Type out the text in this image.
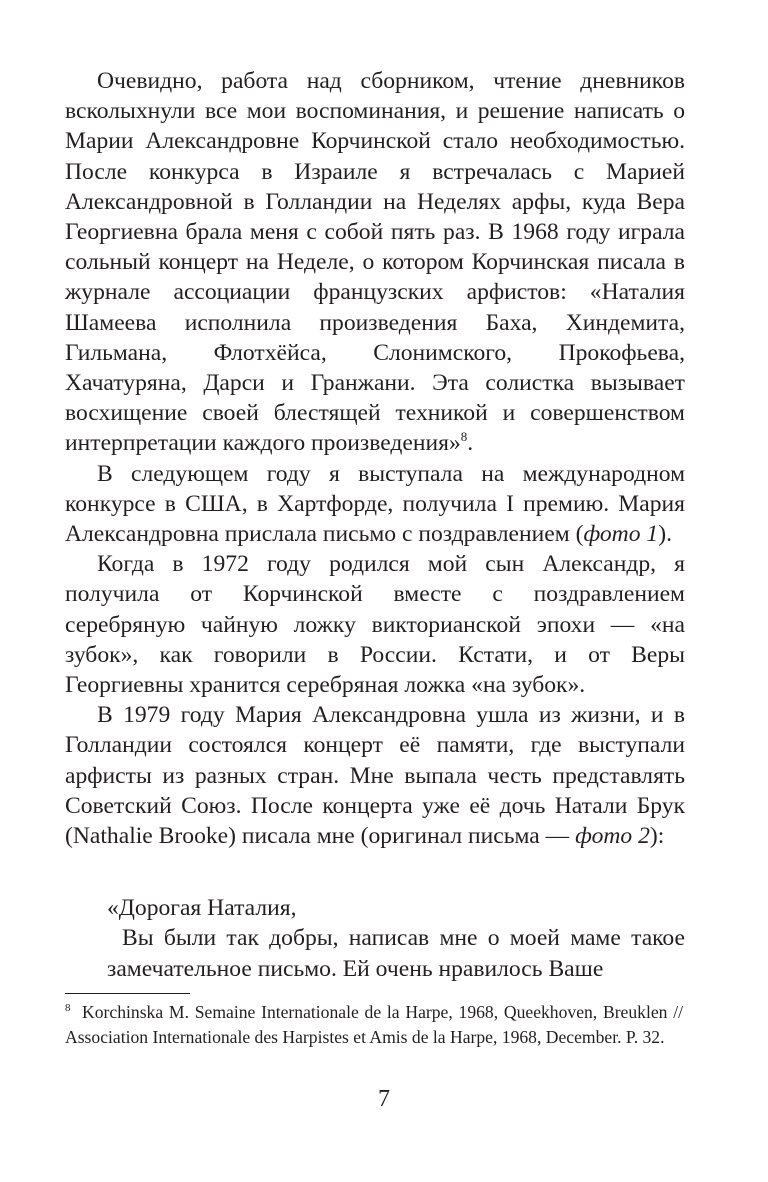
Очевидно, работа над сборником, чтение дневников всколыхнули все мои воспоминания, и решение написать о Марии Александровне Корчинской стало необходимостью. После конкурса в Израиле я встречалась с Марией Александровной в Голландии на Неделях арфы, куда Вера Георгиевна брала меня с собой пять раз. В 1968 году играла сольный концерт на Неделе, о котором Корчинская писала в журнале ассоциации французских арфистов: «Наталия Шамеева исполнила произведения Баха, Хиндемита, Гильмана, Флотхёйса, Слонимского, Прокофьева, Хачатуряна, Дарси и Гранжани. Эта солистка вызывает восхищение своей блестящей техникой и совершенством интерпретации каждого произведения»$^8$.

В следующем году я выступала на международном конкурсе в США, в Хартфорде, получила I премию. Мария Александровна прислала письмо с поздравлением (фото 1).

Когда в 1972 году родился мой сын Александр, я получила от Корчинской вместе с поздравлением серебряную чайную ложку викторианской эпохи — «на зубок», как говорили в России. Кстати, и от Веры Георгиевны хранится серебряная ложка «на зубок».

В 1979 году Мария Александровна ушла из жизни, и в Голландии состоялся концерт её памяти, где выступали арфисты из разных стран. Мне выпала честь представлять Советский Союз. После концерта уже её дочь Натали Брук (Nathalie Brooke) писала мне (оригинал письма — фото 2):

«Дорогая Наталия,

Вы были так добры, написав мне о моей маме такое замечательное письмо. Ей очень нравилось Ваше

$^8$ Korchinska M. Semaine Internationale de la Harpe, 1968, Queekhoven, Breuklen // Association Internationale des Harpistes et Amis de la Harpe, 1968, December. P. 32.
7
